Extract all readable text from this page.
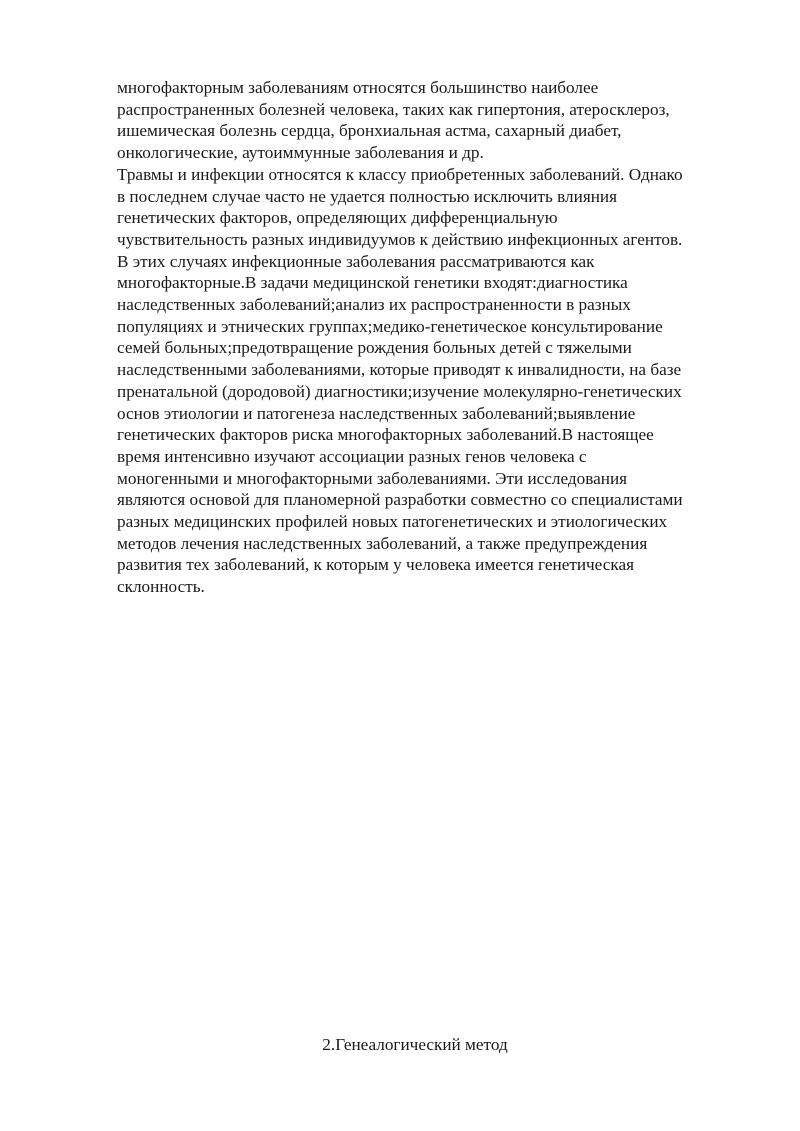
многофакторным заболеваниям относятся большинство наиболее

распространенных болезней человека, таких как гипертония, атеросклероз,

ишемическая болезнь сердца, бронхиальная астма, сахарный диабет,

онкологические, аутоиммунные заболевания и др.

Травмы и инфекции относятся к классу приобретенных заболеваний. Однако

в последнем случае часто не удается полностью исключить влияния

генетических факторов, определяющих дифференциальную

чувствительность разных индивидуумов к действию инфекционных агентов.

В этих случаях инфекционные заболевания рассматриваются как

многофакторные.В задачи медицинской генетики входят:диагностика

наследственных заболеваний;анализ их распространенности в разных

популяциях и этнических группах;медико-генетическое консультирование

семей больных;предотвращение рождения больных детей с тяжелыми

наследственными заболеваниями, которые приводят к инвалидности, на базе

пренатальной (дородовой) диагностики;изучение молекулярно-генетических

основ этиологии и патогенеза наследственных заболеваний;выявление

генетических факторов риска многофакторных заболеваний.В настоящее

время интенсивно изучают ассоциации разных генов человека с

моногенными и многофакторными заболеваниями. Эти исследования

являются основой для планомерной разработки совместно со специалистами

разных медицинских профилей новых патогенетических и этиологических

методов лечения наследственных заболеваний, а также предупреждения

развития тех заболеваний, к которым у человека имеется генетическая

склонность.

2.Генеалогический метод
